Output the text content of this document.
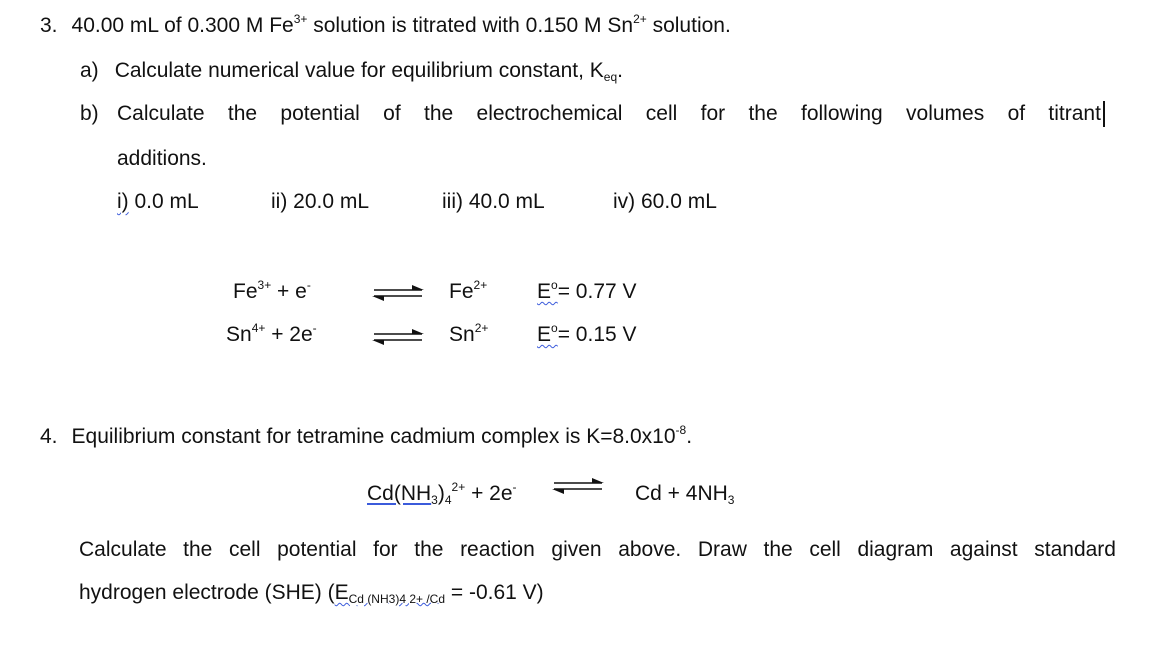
3. 40.00 mL of 0.300 M $Fe^{3+}$ solution is titrated with 0.150 M $Sn^{2+}$ solution.
a) Calculate numerical value for equilibrium constant, $K_{eq}$.
b) Calculate the potential of the electrochemical cell for the following volumes of titrant
additions.
i) 0.0 mL	ii) 20.0 mL	iii) 40.0 mL	iv) 60.0 mL
$Fe^{3+} + e^-$	⇌ $Fe^{2+}$ $E^o= 0.77$ V
$Sn^{4+} + 2e^-$	⇌ $Sn^{2+}$ $E^o= 0.15$ V
4. Equilibrium constant for tetramine cadmium complex is $K=8.0x10^{-8}$.
$Cd(NH_3)_4^{2+} + 2e^-$ ⇌ $Cd + 4NH_3$
Calculate the cell potential for the reaction given above. Draw the cell diagram against standard
hydrogen electrode (SHE) ($E_{Cd (NH3)4 2+ /Cd} = -0.61$ V)
